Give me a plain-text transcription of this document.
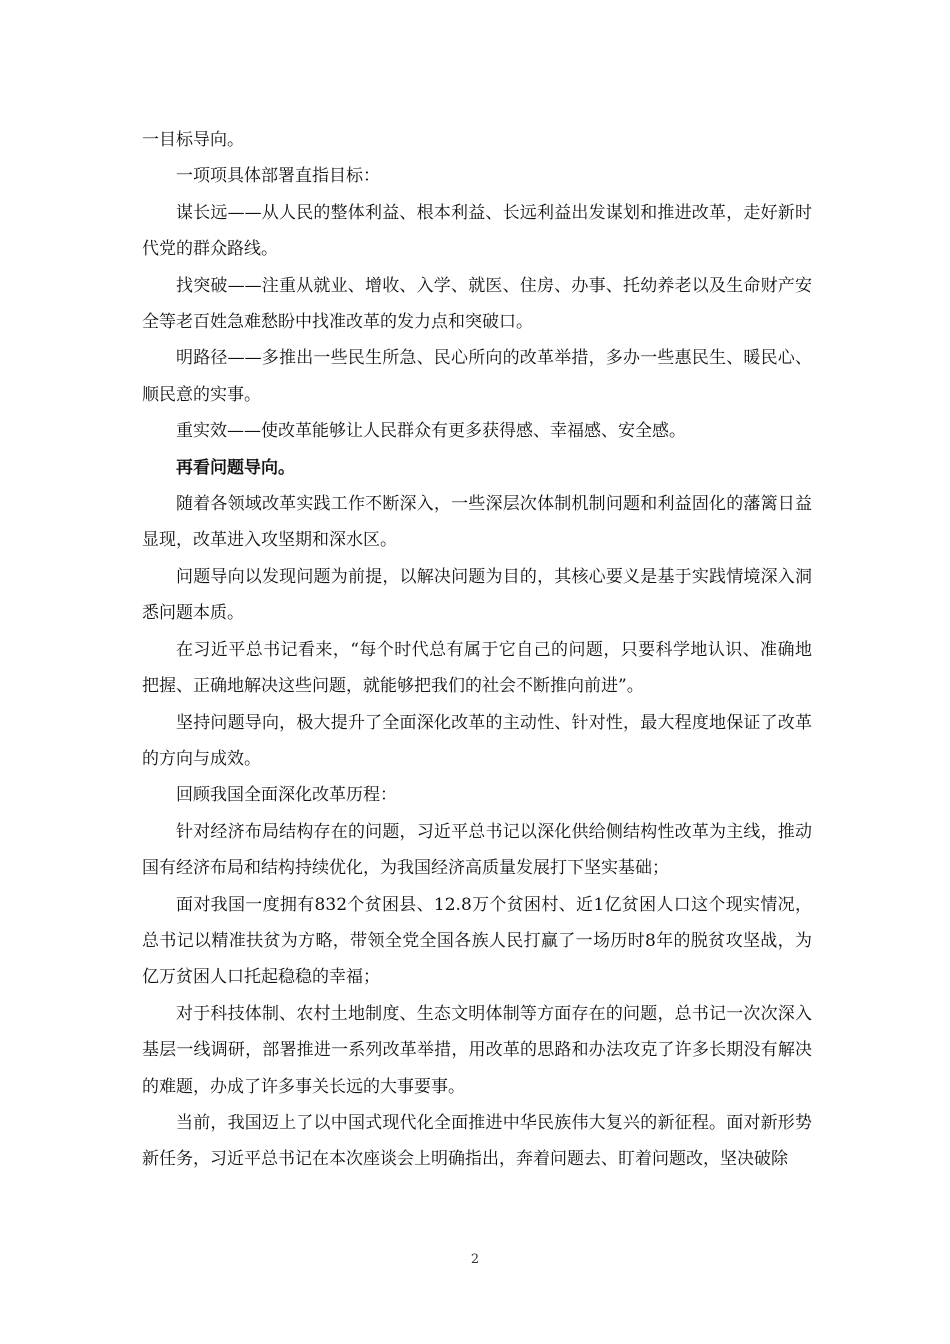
一目标导向。

一项项具体部署直指目标：

谋长远——从人民的整体利益、根本利益、长远利益出发谋划和推进改革，走好新时代党的群众路线。

找突破——注重从就业、增收、入学、就医、住房、办事、托幼养老以及生命财产安全等老百姓急难愁盼中找准改革的发力点和突破口。

明路径——多推出一些民生所急、民心所向的改革举措，多办一些惠民生、暖民心、顺民意的实事。

重实效——使改革能够让人民群众有更多获得感、幸福感、安全感。

再看问题导向。

随着各领域改革实践工作不断深入，一些深层次体制机制问题和利益固化的藩篱日益显现，改革进入攻坚期和深水区。

问题导向以发现问题为前提，以解决问题为目的，其核心要义是基于实践情境深入洞悉问题本质。

在习近平总书记看来，“每个时代总有属于它自己的问题，只要科学地认识、准确地把握、正确地解决这些问题，就能够把我们的社会不断推向前进”。

坚持问题导向，极大提升了全面深化改革的主动性、针对性，最大程度地保证了改革的方向与成效。

回顾我国全面深化改革历程：

针对经济布局结构存在的问题，习近平总书记以深化供给侧结构性改革为主线，推动国有经济布局和结构持续优化，为我国经济高质量发展打下坚实基础；

面对我国一度拥有832个贫困县、12.8万个贫困村、近1亿贫困人口这个现实情况，总书记以精准扶贫为方略，带领全党全国各族人民打赢了一场历时8年的脱贫攻坚战，为亿万贫困人口托起稳稳的幸福；

对于科技体制、农村土地制度、生态文明体制等方面存在的问题，总书记一次次深入基层一线调研，部署推进一系列改革举措，用改革的思路和办法攻克了许多长期没有解决的难题，办成了许多事关长远的大事要事。

当前，我国迈上了以中国式现代化全面推进中华民族伟大复兴的新征程。面对新形势新任务，习近平总书记在本次座谈会上明确指出，奔着问题去、盯着问题改，坚决破除

2
